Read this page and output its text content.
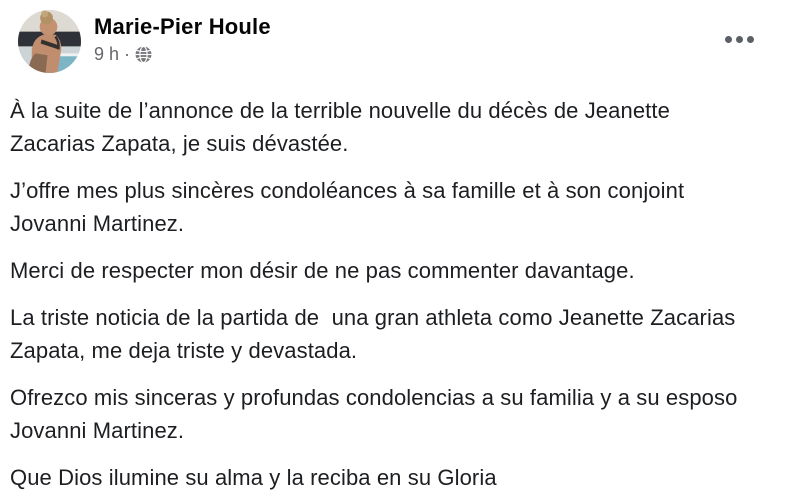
Marie-Pier Houle
9 h ·

À la suite de l’annonce de la terrible nouvelle du décès de Jeanette Zacarias Zapata, je suis dévastée.

J’offre mes plus sincères condoléances à sa famille et à son conjoint Jovanni Martinez.

Merci de respecter mon désir de ne pas commenter davantage.

La triste noticia de la partida de  una gran athleta como Jeanette Zacarias Zapata, me deja triste y devastada.

Ofrezco mis sinceras y profundas condolencias a su familia y a su esposo Jovanni Martinez.

Que Dios ilumine su alma y la reciba en su Gloria
